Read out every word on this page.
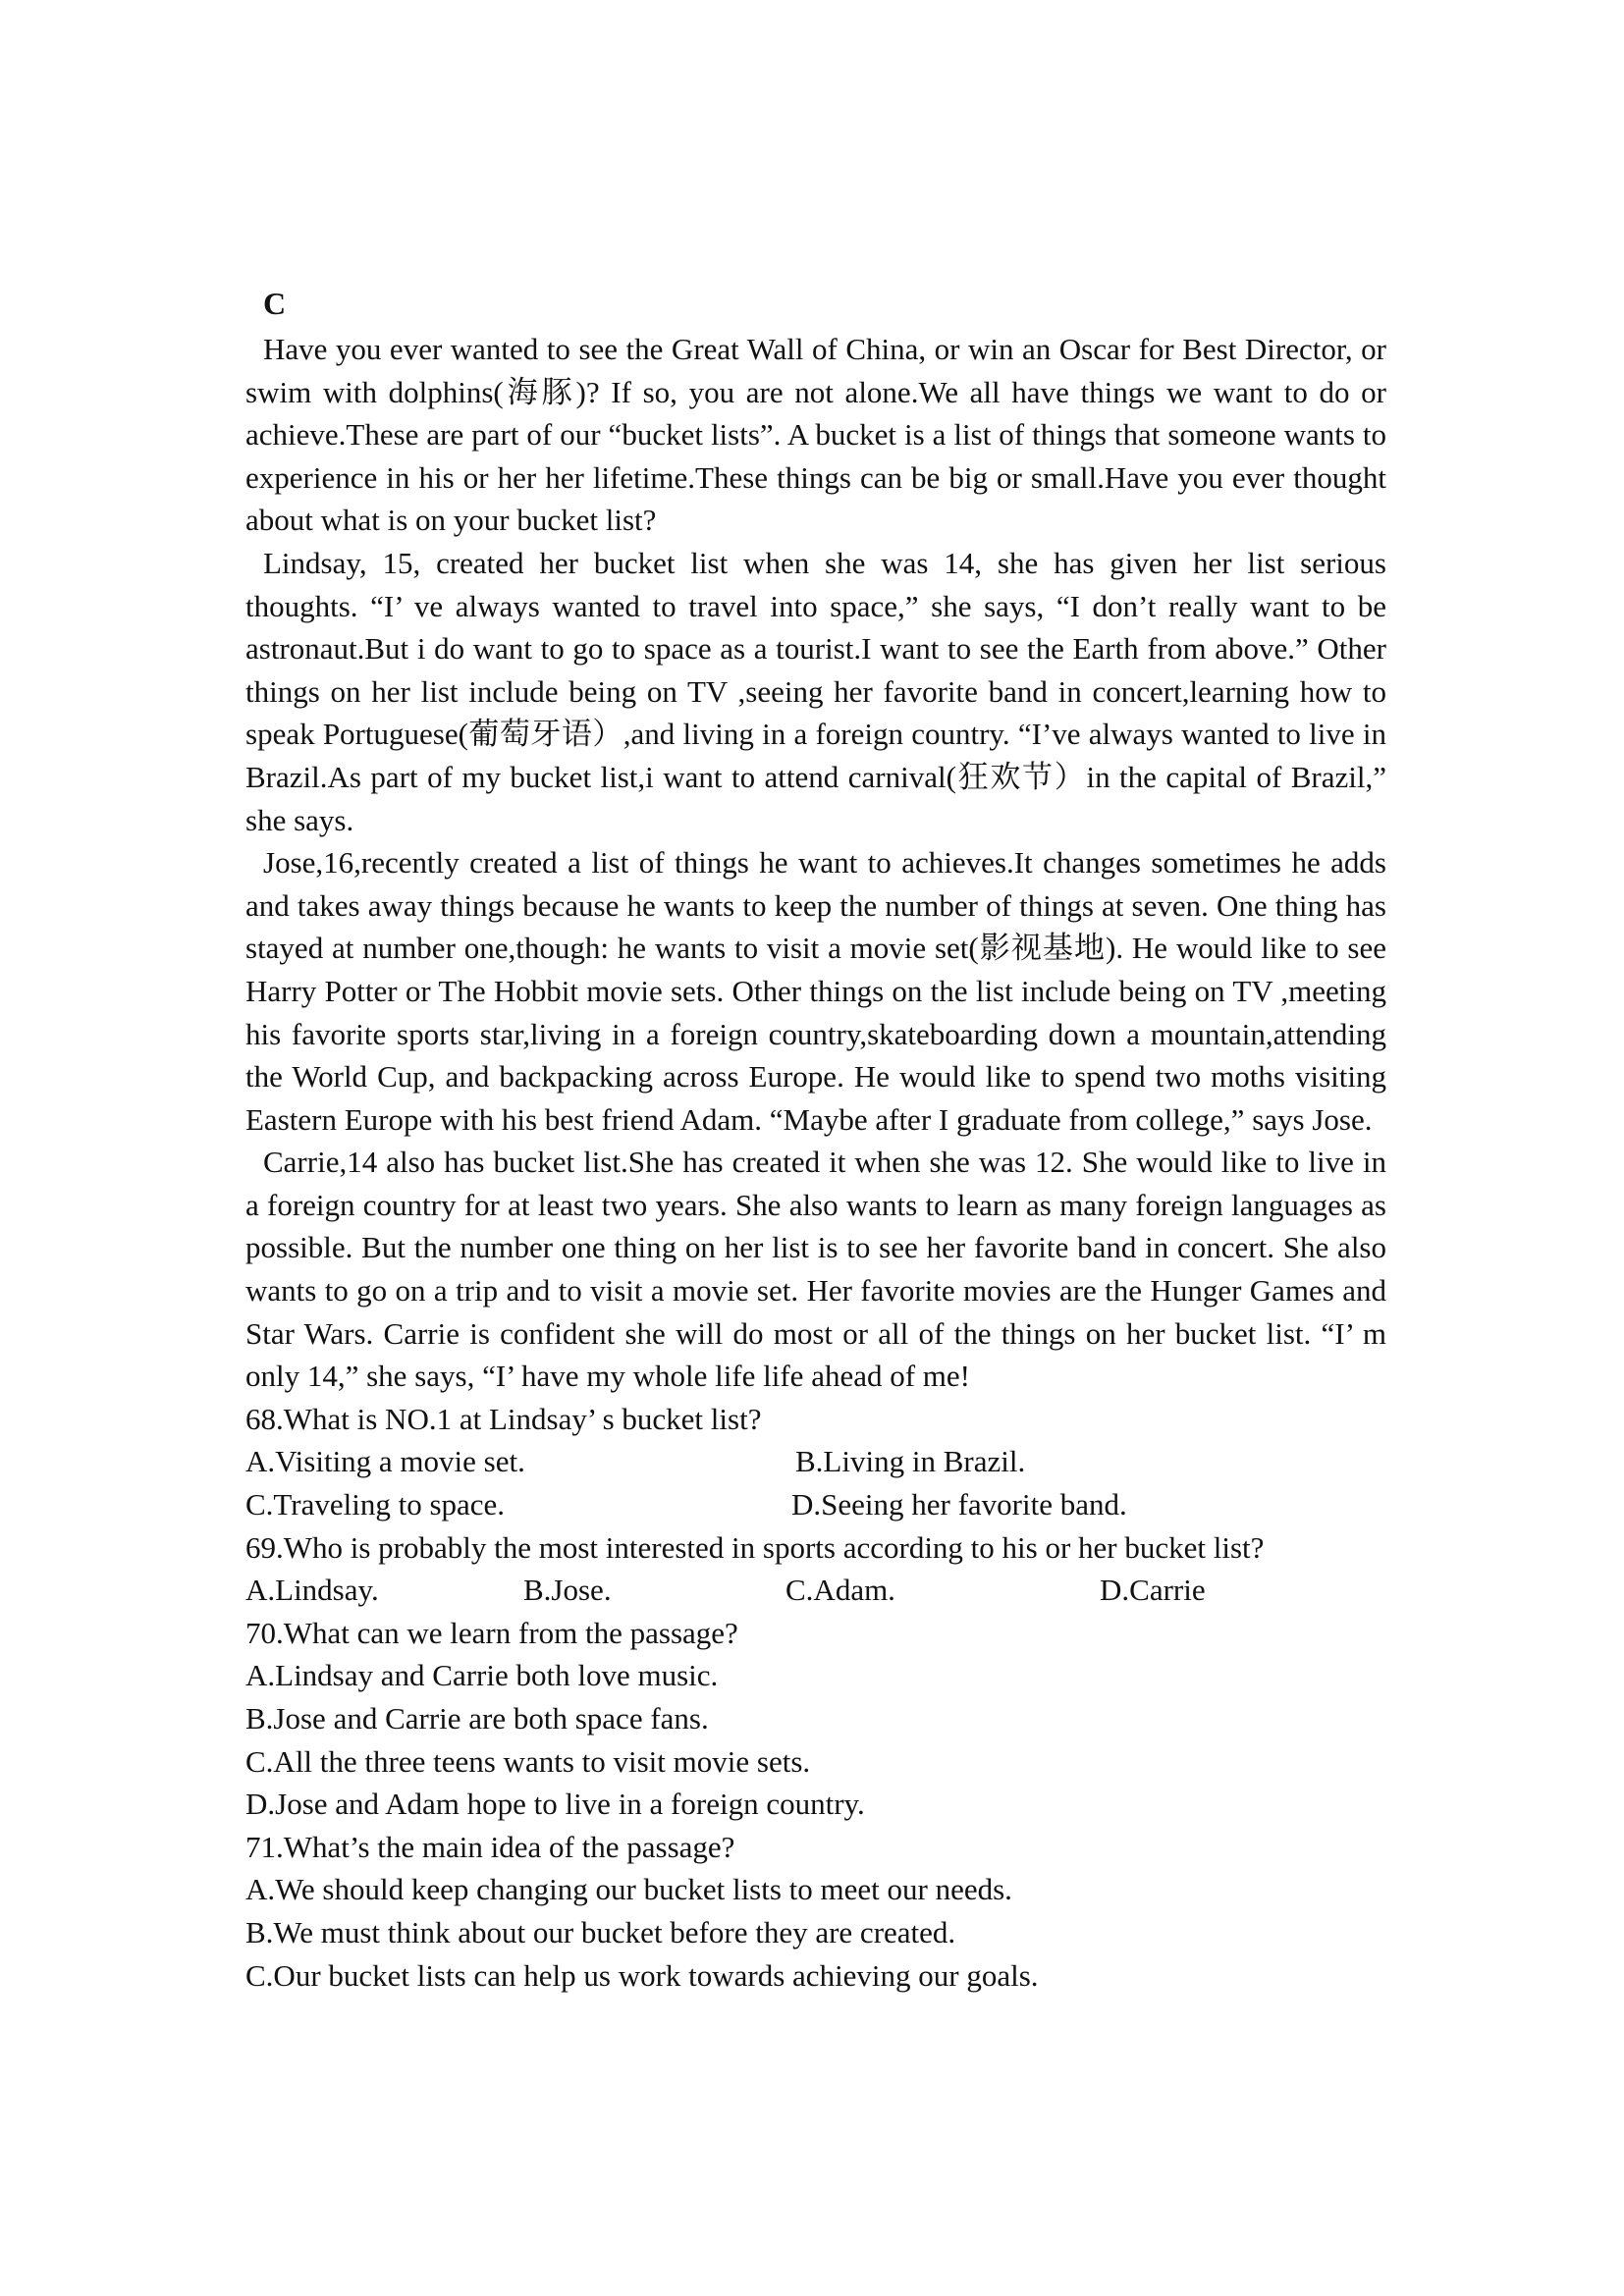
C

Have you ever wanted to see the Great Wall of China, or win an Oscar for Best Director, or swim with dolphins(海豚)? If so, you are not alone.We all have things we want to do or achieve.These are part of our “bucket lists”. A bucket is a list of things that someone wants to experience in his or her her lifetime.These things can be big or small.Have you ever thought about what is on your bucket list?

Lindsay, 15, created her bucket list when she was 14, she has given her list serious thoughts. “I’ ve always wanted to travel into space,” she says, “I don’t really want to be astronaut.But i do want to go to space as a tourist.I want to see the Earth from above.” Other things on her list include being on TV ,seeing her favorite band in concert,learning how to speak Portuguese(葡萄牙语）,and living in a foreign country. “I’ve always wanted to live in Brazil.As part of my bucket list,i want to attend carnival(狂欢节）in the capital of Brazil,” she says.

Jose,16,recently created a list of things he want to achieves.It changes sometimes he adds and takes away things because he wants to keep the number of things at seven. One thing has stayed at number one,though: he wants to visit a movie set(影视基地). He would like to see Harry Potter or The Hobbit movie sets. Other things on the list include being on TV ,meeting his favorite sports star,living in a foreign country,skateboarding down a mountain,attending the World Cup, and backpacking across Europe. He would like to spend two moths visiting Eastern Europe with his best friend Adam. “Maybe after I graduate from college,” says Jose.

Carrie,14 also has bucket list.She has created it when she was 12. She would like to live in a foreign country for at least two years. She also wants to learn as many foreign languages as possible. But the number one thing on her list is to see her favorite band in concert. She also wants to go on a trip and to visit a movie set. Her favorite movies are the Hunger Games and Star Wars. Carrie is confident she will do most or all of the things on her bucket list. “I’ m only 14,” she says, “I’ have my whole life life ahead of me!

68.What is NO.1 at Lindsay’ s bucket list?
A.Visiting a movie set.	B.Living in Brazil.
C.Traveling to space.	D.Seeing her favorite band.
69.Who is probably the most interested in sports according to his or her bucket list?
A.Lindsay.	B.Jose.	C.Adam.	D.Carrie
70.What can we learn from the passage?
A.Lindsay and Carrie both love music.
B.Jose and Carrie are both space fans.
C.All the three teens wants to visit movie sets.
D.Jose and Adam hope to live in a foreign country.
71.What’s the main idea of the passage?
A.We should keep changing our bucket lists to meet our needs.
B.We must think about our bucket before they are created.
C.Our bucket lists can help us work towards achieving our goals.
